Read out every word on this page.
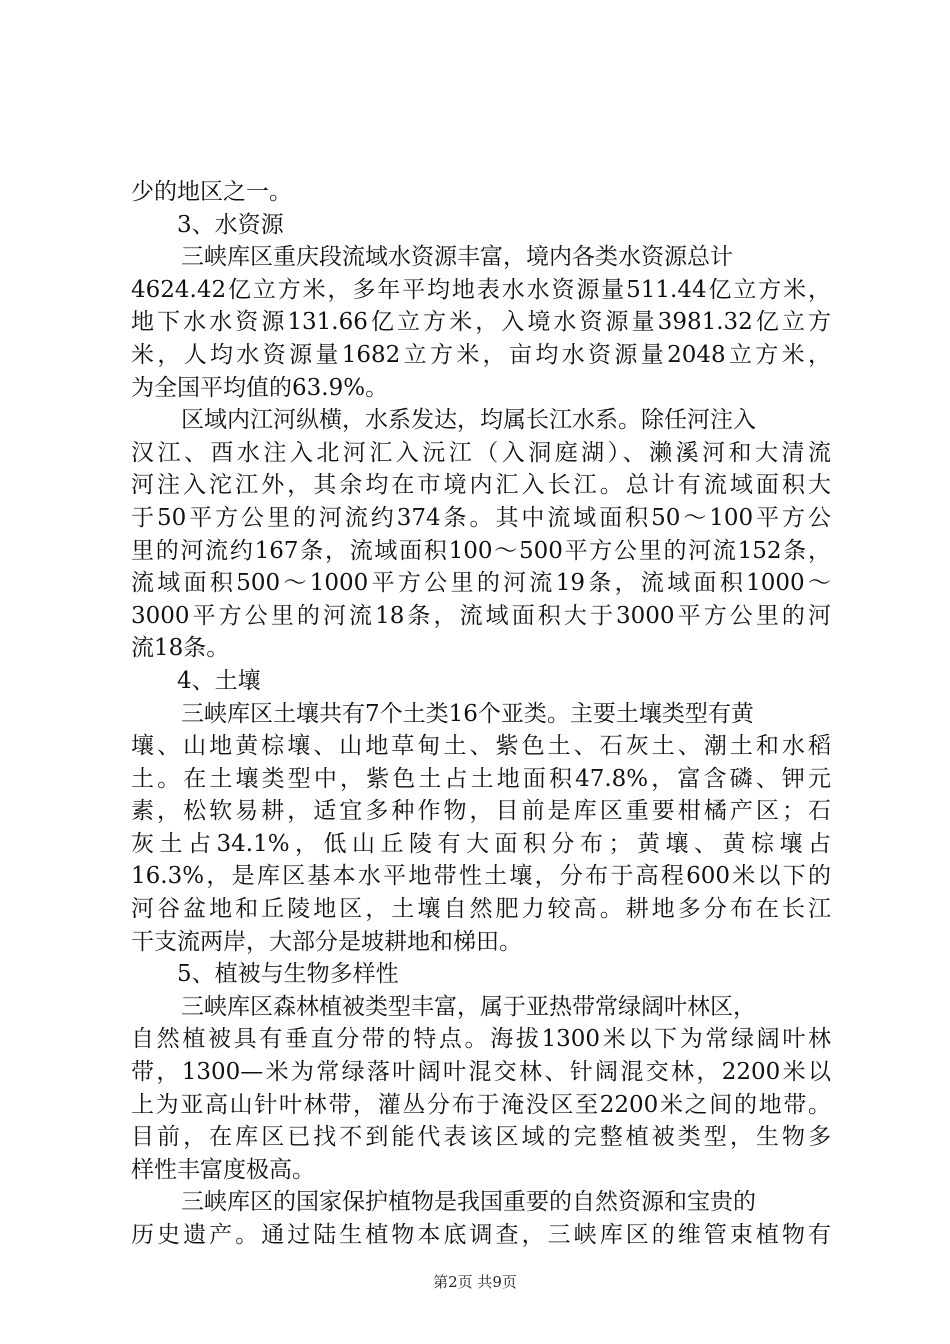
少的地区之一。
3、水资源
三峡库区重庆段流域水资源丰富，境内各类水资源总计
4624.42亿立方米，多年平均地表水水资源量511.44亿立方米，
地下水水资源131.66亿立方米，入境水资源量3981.32亿立方
米，人均水资源量1682立方米，亩均水资源量2048立方米，
为全国平均值的63.9%。
区域内江河纵横，水系发达，均属长江水系。除任河注入
汉江、酉水注入北河汇入沅江（入洞庭湖）、濑溪河和大清流
河注入沱江外，其余均在市境内汇入长江。总计有流域面积大
于50平方公里的河流约374条。其中流域面积50～100平方公
里的河流约167条，流域面积100～500平方公里的河流152条，
流域面积500～1000平方公里的河流19条，流域面积1000～
3000平方公里的河流18条，流域面积大于3000平方公里的河
流18条。
4、土壤
三峡库区土壤共有7个土类16个亚类。主要土壤类型有黄
壤、山地黄棕壤、山地草甸土、紫色土、石灰土、潮土和水稻
土。在土壤类型中，紫色土占土地面积47.8%，富含磷、钾元
素，松软易耕，适宜多种作物，目前是库区重要柑橘产区；石
灰土占34.1%，低山丘陵有大面积分布；黄壤、黄棕壤占
16.3%，是库区基本水平地带性土壤，分布于高程600米以下的
河谷盆地和丘陵地区，土壤自然肥力较高。耕地多分布在长江
干支流两岸，大部分是坡耕地和梯田。
5、植被与生物多样性
三峡库区森林植被类型丰富，属于亚热带常绿阔叶林区，
自然植被具有垂直分带的特点。海拔1300米以下为常绿阔叶林
带，1300—米为常绿落叶阔叶混交林、针阔混交林，2200米以
上为亚高山针叶林带，灌丛分布于淹没区至2200米之间的地带。
目前，在库区已找不到能代表该区域的完整植被类型，生物多
样性丰富度极高。
三峡库区的国家保护植物是我国重要的自然资源和宝贵的
历史遗产。通过陆生植物本底调查，三峡库区的维管束植物有
第2页 共9页
